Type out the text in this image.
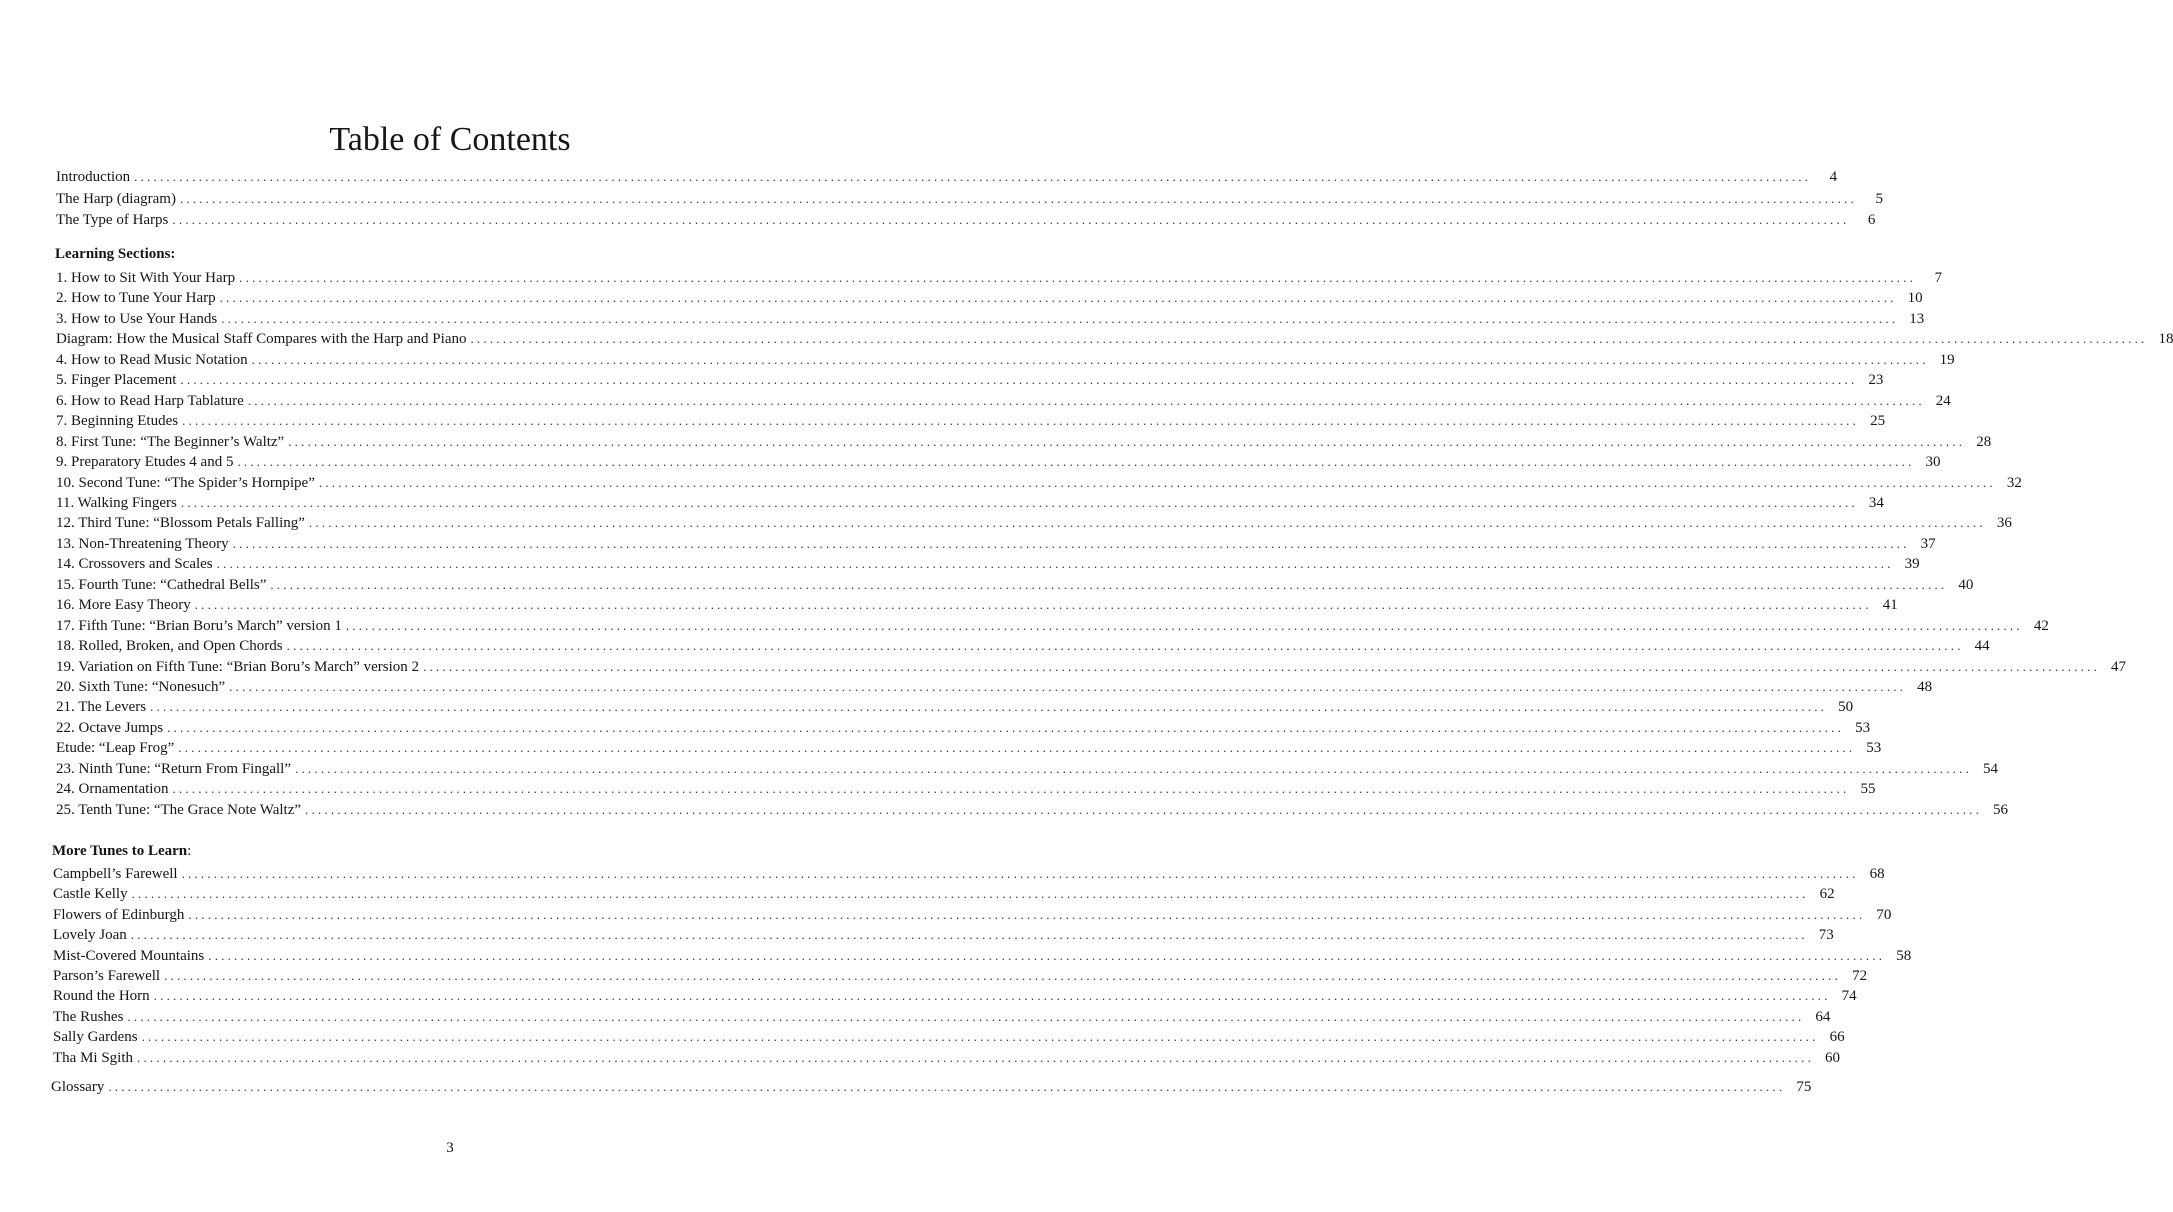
Table of Contents
Learning Sections:
More Tunes to Learn:
Introduction ....................................................................................................................................................................................................................................................................	4
The Harp (diagram) ....................................................................................................................................................................................................................................................................	5
The Type of Harps ....................................................................................................................................................................................................................................................................	6
1. How to Sit With Your Harp ....................................................................................................................................................................................................................................................................	7
2. How to Tune Your Harp .................................................................................................................................................................................................................................................................... 10
3. How to Use Your Hands .................................................................................................................................................................................................................................................................... 13
Diagram: How the Musical Staff Compares with the Harp and Piano .................................................................................................................................................................................................................................................................... 18
4. How to Read Music Notation .................................................................................................................................................................................................................................................................... 19
5. Finger Placement .................................................................................................................................................................................................................................................................... 23
6. How to Read Harp Tablature .................................................................................................................................................................................................................................................................... 24
7. Beginning Etudes .................................................................................................................................................................................................................................................................... 25
8. First Tune: “The Beginner’s Waltz” .................................................................................................................................................................................................................................................................... 28
9. Preparatory Etudes 4 and 5 .................................................................................................................................................................................................................................................................... 30
10. Second Tune: “The Spider’s Hornpipe” .................................................................................................................................................................................................................................................................... 32
11. Walking Fingers .................................................................................................................................................................................................................................................................... 34
12. Third Tune: “Blossom Petals Falling” .................................................................................................................................................................................................................................................................... 36
13. Non-Threatening Theory .................................................................................................................................................................................................................................................................... 37
14. Crossovers and Scales .................................................................................................................................................................................................................................................................... 39
15. Fourth Tune: “Cathedral Bells” .................................................................................................................................................................................................................................................................... 40
16. More Easy Theory .................................................................................................................................................................................................................................................................... 41
17. Fifth Tune: “Brian Boru’s March” version 1 .................................................................................................................................................................................................................................................................... 42
18. Rolled, Broken, and Open Chords .................................................................................................................................................................................................................................................................... 44
19. Variation on Fifth Tune: “Brian Boru’s March” version 2 .................................................................................................................................................................................................................................................................... 47
20. Sixth Tune: “Nonesuch” .................................................................................................................................................................................................................................................................... 48
21. The Levers .................................................................................................................................................................................................................................................................... 50
22. Octave Jumps .................................................................................................................................................................................................................................................................... 53
Etude: “Leap Frog” .................................................................................................................................................................................................................................................................... 53
23. Ninth Tune: “Return From Fingall” .................................................................................................................................................................................................................................................................... 54
24. Ornamentation .................................................................................................................................................................................................................................................................... 55
25. Tenth Tune: “The Grace Note Waltz” .................................................................................................................................................................................................................................................................... 56
Campbell’s Farewell .................................................................................................................................................................................................................................................................... 68
Castle Kelly .................................................................................................................................................................................................................................................................... 62
Flowers of Edinburgh .................................................................................................................................................................................................................................................................... 70
Lovely Joan .................................................................................................................................................................................................................................................................... 73
Mist-Covered Mountains .................................................................................................................................................................................................................................................................... 58
Parson’s Farewell .................................................................................................................................................................................................................................................................... 72
Round the Horn .................................................................................................................................................................................................................................................................... 74
The Rushes .................................................................................................................................................................................................................................................................... 64
Sally Gardens .................................................................................................................................................................................................................................................................... 66
Tha Mi Sgith .................................................................................................................................................................................................................................................................... 60
Glossary .................................................................................................................................................................................................................................................................... 75
3
